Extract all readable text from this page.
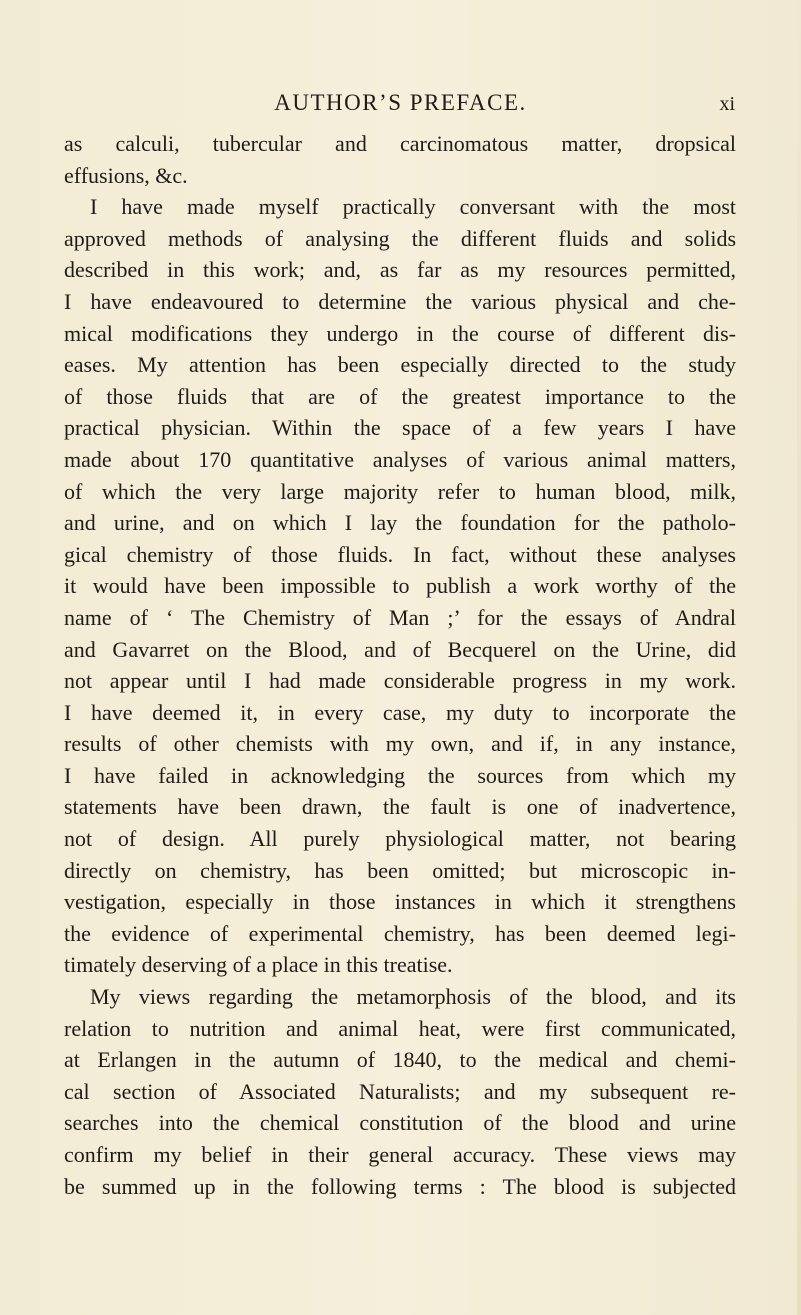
AUTHOR’S PREFACE.	xi
as calculi, tubercular and carcinomatous matter, dropsical
effusions, &c.
I have made myself practically conversant with the most
approved methods of analysing the different fluids and solids
described in this work; and, as far as my resources permitted,
I have endeavoured to determine the various physical and che-
mical modifications they undergo in the course of different dis-
eases. My attention has been especially directed to the study
of those fluids that are of the greatest importance to the
practical physician. Within the space of a few years I have
made about 170 quantitative analyses of various animal matters,
of which the very large majority refer to human blood, milk,
and urine, and on which I lay the foundation for the patholo-
gical chemistry of those fluids. In fact, without these analyses
it would have been impossible to publish a work worthy of the
name of ‘ The Chemistry of Man ;’ for the essays of Andral
and Gavarret on the Blood, and of Becquerel on the Urine, did
not appear until I had made considerable progress in my work.
I have deemed it, in every case, my duty to incorporate the
results of other chemists with my own, and if, in any instance,
I have failed in acknowledging the sources from which my
statements have been drawn, the fault is one of inadvertence,
not of design. All purely physiological matter, not bearing
directly on chemistry, has been omitted; but microscopic in-
vestigation, especially in those instances in which it strengthens
the evidence of experimental chemistry, has been deemed legi-
timately deserving of a place in this treatise.
My views regarding the metamorphosis of the blood, and its
relation to nutrition and animal heat, were first communicated,
at Erlangen in the autumn of 1840, to the medical and chemi-
cal section of Associated Naturalists; and my subsequent re-
searches into the chemical constitution of the blood and urine
confirm my belief in their general accuracy. These views may
be summed up in the following terms : The blood is subjected
